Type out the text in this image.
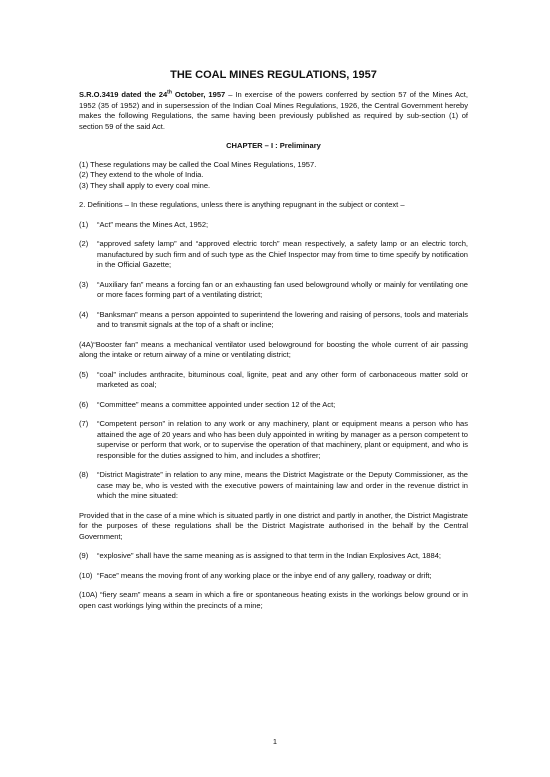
THE COAL MINES REGULATIONS, 1957
S.R.O.3419 dated the 24th October, 1957 – In exercise of the powers conferred by section 57 of the Mines Act, 1952 (35 of 1952) and in supersession of the Indian Coal Mines Regulations, 1926, the Central Government hereby makes the following Regulations, the same having been previously published as required by sub-section (1) of section 59 of the said Act.
CHAPTER – I : Preliminary
(1) These regulations may be called the Coal Mines Regulations, 1957.
(2) They extend to the whole of India.
(3) They shall apply to every coal mine.
2. Definitions – In these regulations, unless there is anything repugnant in the subject or context –
(1)	“Act” means the Mines Act, 1952;
(2)	“approved safety lamp” and “approved electric torch” mean respectively, a safety lamp or an electric torch, manufactured by such firm and of such type as the Chief Inspector may from time to time specify by notification in the Official Gazette;
(3)	“Auxiliary fan” means a forcing fan or an exhausting fan used belowground wholly or mainly for ventilating one or more faces forming part of a ventilating district;
(4)	“Banksman” means a person appointed to superintend the lowering and raising of persons, tools and materials and to transmit signals at the top of a shaft or incline;
(4A)“Booster fan” means a mechanical ventilator used belowground for boosting the whole current of air passing along the intake or return airway of a mine or ventilating district;
(5)	“coal” includes anthracite, bituminous coal, lignite, peat and any other form of carbonaceous matter sold or marketed as coal;
(6)	“Committee” means a committee appointed under section 12 of the Act;
(7)	“Competent person” in relation to any work or any machinery, plant or equipment means a person who has attained the age of 20 years and who has been duly appointed in writing by manager as a person competent to supervise or perform that work, or to supervise the operation of that machinery, plant or equipment, and who is responsible for the duties assigned to him, and includes a shotfirer;
(8)	“District Magistrate” in relation to any mine, means the District Magistrate or the Deputy Commissioner, as the case may be, who is vested with the executive powers of maintaining law and order in the revenue district in which the mine situated:
Provided that in the case of a mine which is situated partly in one district and partly in another, the District Magistrate for the purposes of these regulations shall be the District Magistrate authorised in the behalf by the Central Government;
(9)	“explosive” shall have the same meaning as is assigned to that term in the Indian Explosives Act, 1884;
(10) “Face” means the moving front of any working place or the inbye end of any gallery, roadway or drift;
(10A) “fiery seam” means a seam in which a fire or spontaneous heating exists in the workings below ground or in open cast workings lying within the precincts of a mine;
1
